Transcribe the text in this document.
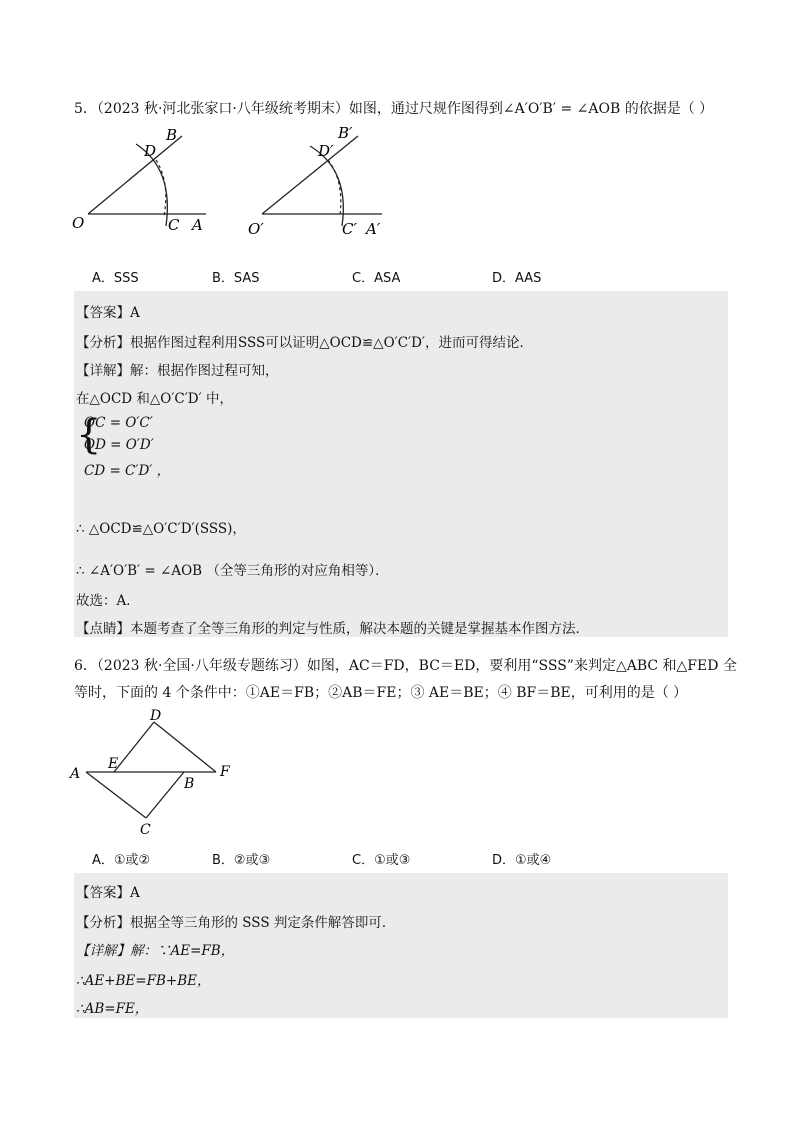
5．（2023 秋·河北张家口·八年级统考期末）如图，通过尺规作图得到∠A′O′B′ = ∠AOB 的依据是（ ）
B
D
O	C A
B′
D′
O′	C′ A′
A．SSS	B．SAS	C．ASA	D．AAS
【答案】A
【分析】根据作图过程利用SSS可以证明△OCD≌△O′C′D′，进而可得结论．
【详解】解：根据作图过程可知，
在△OCD 和△O′C′D′ 中，
{
OC = O′C′
OD = O′D′
CD = C′D′ ，
∴ △OCD≌△O′C′D′(SSS)，
∴ ∠A′O′B′ = ∠AOB （全等三角形的对应角相等）．
故选：A．
【点睛】本题考查了全等三角形的判定与性质，解决本题的关键是掌握基本作图方法．
6．（2023 秋·全国·八年级专题练习）如图，AC＝FD，BC＝ED，要利用“SSS”来判定△ABC 和△FED 全
等时，下面的 4 个条件中：①AE＝FB；②AB＝FE；③ AE＝BE；④ BF＝BE，可利用的是（ ）
D
E
A	F
B
C
A．①或②	B．②或③	C．①或③	D．①或④
【答案】A
【分析】根据全等三角形的 SSS 判定条件解答即可．
【详解】解：∵AE=FB，
∴AE+BE=FB+BE，
∴AB=FE，
